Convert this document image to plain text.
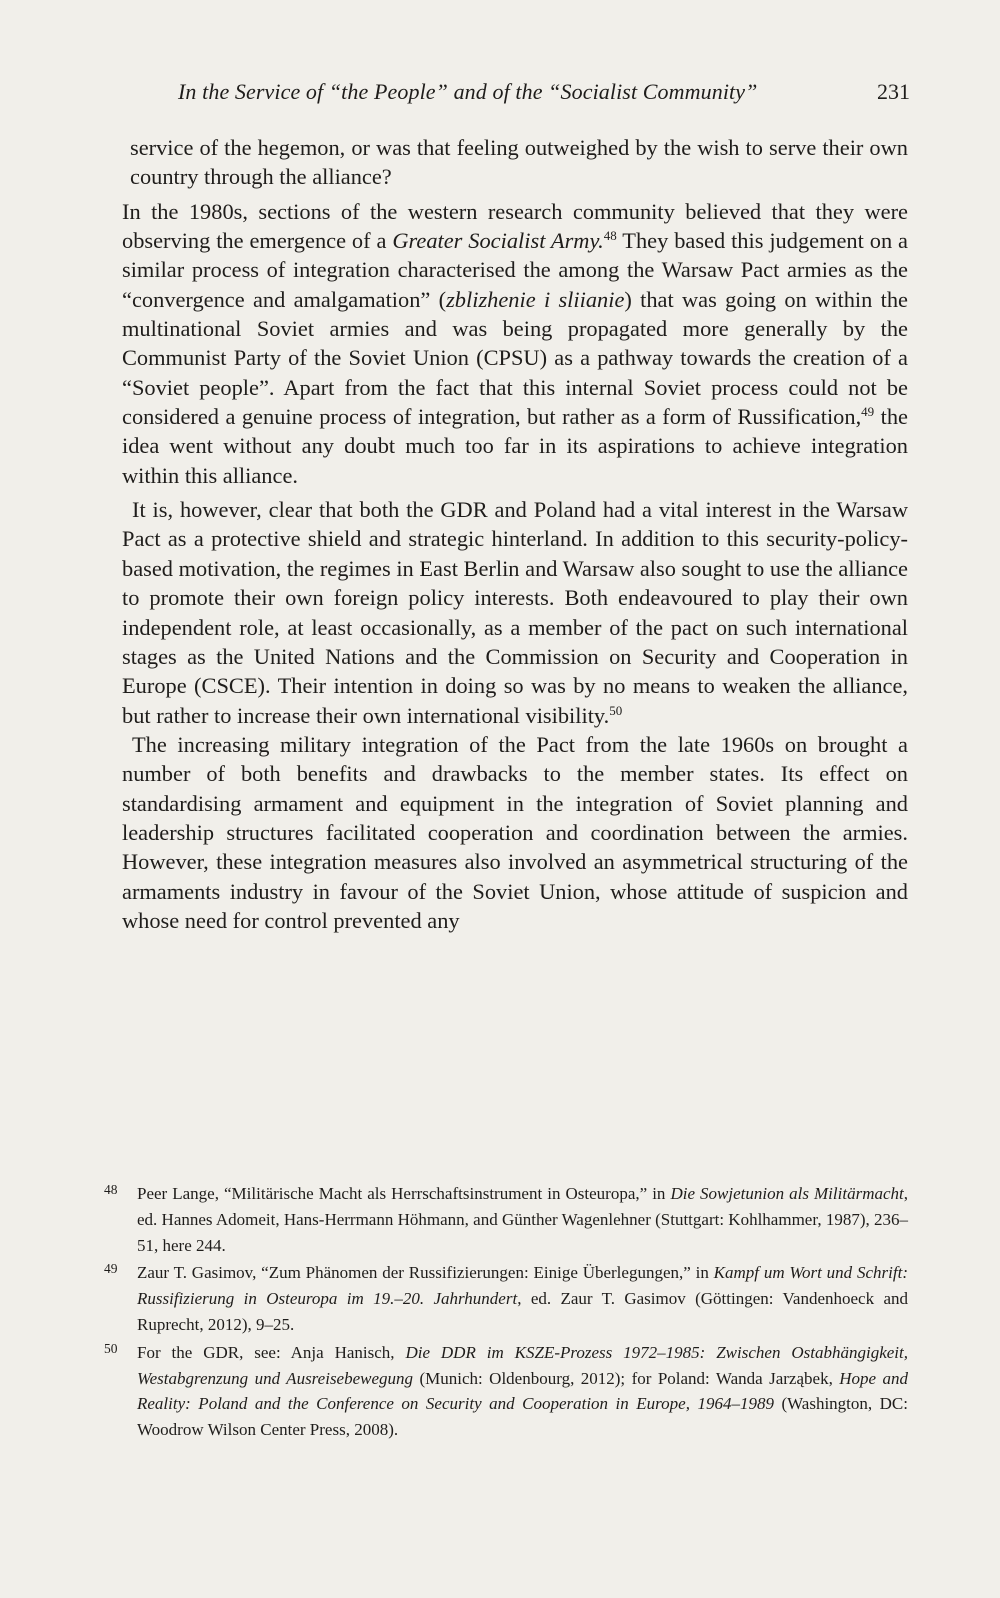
In the Service of “the People” and of the “Socialist Community”	231

service of the hegemon, or was that feeling outweighed by the wish to serve their own country through the alliance?

In the 1980s, sections of the western research community believed that they were observing the emergence of a Greater Socialist Army.$^{48}$ They based this judgement on a similar process of integration characterised the among the Warsaw Pact armies as the “convergence and amalgamation” (zblizhenie i sliianie) that was going on within the multinational Soviet armies and was being propagated more generally by the Communist Party of the Soviet Union (CPSU) as a pathway towards the creation of a “Soviet people”. Apart from the fact that this internal Soviet process could not be considered a genuine process of integration, but rather as a form of Russification,$^{49}$ the idea went without any doubt much too far in its aspirations to achieve integration within this alliance.

It is, however, clear that both the GDR and Poland had a vital interest in the Warsaw Pact as a protective shield and strategic hinterland. In addition to this security-policy-based motivation, the regimes in East Berlin and Warsaw also sought to use the alliance to promote their own foreign policy interests. Both endeavoured to play their own independent role, at least occasionally, as a member of the pact on such international stages as the United Nations and the Commission on Security and Cooperation in Europe (CSCE). Their intention in doing so was by no means to weaken the alliance, but rather to increase their own international visibility.$^{50}$

The increasing military integration of the Pact from the late 1960s on brought a number of both benefits and drawbacks to the member states. Its effect on standardising armament and equipment in the integration of Soviet planning and leadership structures facilitated cooperation and coordination between the armies. However, these integration measures also involved an asymmetrical structuring of the armaments industry in favour of the Soviet Union, whose attitude of suspicion and whose need for control prevented any

48 Peer Lange, “Militärische Macht als Herrschaftsinstrument in Osteuropa,” in Die Sowjetunion als Militärmacht, ed. Hannes Adomeit, Hans-Herrmann Höhmann, and Günther Wagenlehner (Stuttgart: Kohlhammer, 1987), 236–51, here 244.
49 Zaur T. Gasimov, “Zum Phänomen der Russifizierungen: Einige Überlegungen,” in Kampf um Wort und Schrift: Russifizierung in Osteuropa im 19.–20. Jahrhundert, ed. Zaur T. Gasimov (Göttingen: Vandenhoeck and Ruprecht, 2012), 9–25.
50 For the GDR, see: Anja Hanisch, Die DDR im KSZE-Prozess 1972–1985: Zwischen Ostabhängigkeit, Westabgrenzung und Ausreisebewegung (Munich: Oldenbourg, 2012); for Poland: Wanda Jarząbek, Hope and Reality: Poland and the Conference on Security and Cooperation in Europe, 1964–1989 (Washington, DC: Woodrow Wilson Center Press, 2008).
